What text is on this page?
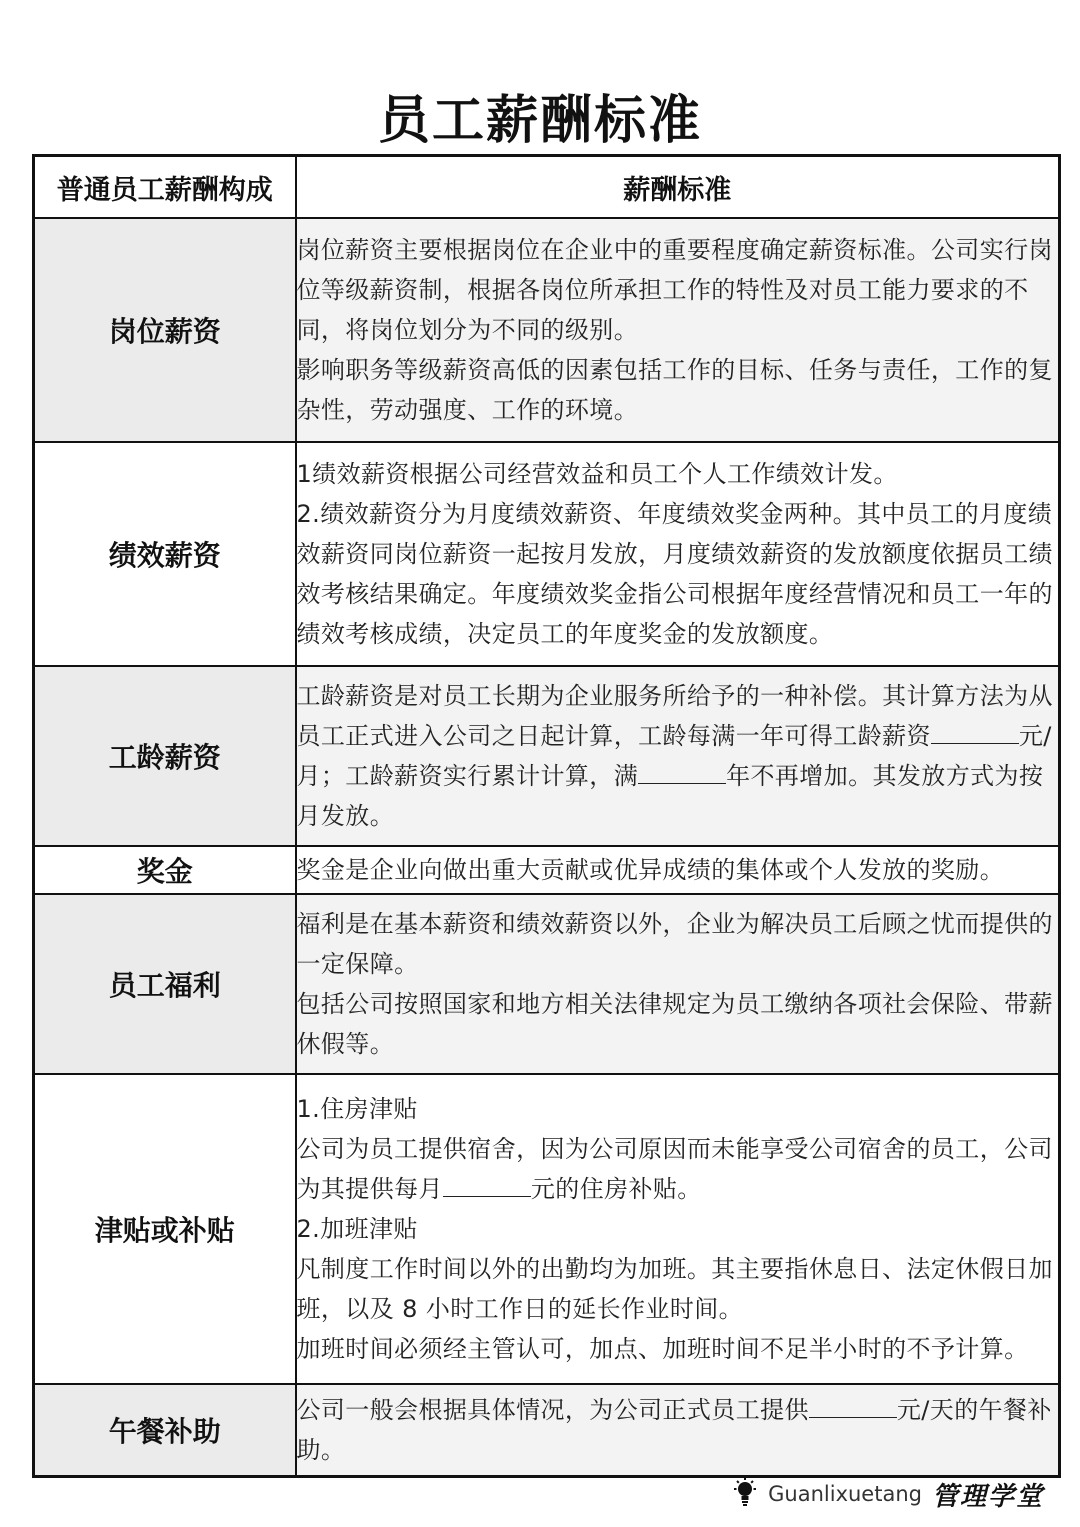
员工薪酬标准
普通员工薪酬构成	薪酬标准
岗位薪资	岗位薪资主要根据岗位在企业中的重要程度确定薪资标准。公司实行岗位等级薪资制，根据各岗位所承担工作的特性及对员工能力要求的不同，将岗位划分为不同的级别。

影响职务等级薪资高低的因素包括工作的目标、任务与责任，工作的复杂性，劳动强度、工作的环境。

绩效薪资	1绩效薪资根据公司经营效益和员工个人工作绩效计发。

2.绩效薪资分为月度绩效薪资、年度绩效奖金两种。其中员工的月度绩效薪资同岗位薪资一起按月发放，月度绩效薪资的发放额度依据员工绩效考核结果确定。年度绩效奖金指公司根据年度经营情况和员工一年的绩效考核成绩，决定员工的年度奖金的发放额度。

工龄薪资	工龄薪资是对员工长期为企业服务所给予的一种补偿。其计算方法为从员工正式进入公司之日起计算，工龄每满一年可得工龄薪资 元/月；工龄薪资实行累计计算，满 年不再增加。其发放方式为按月发放。

奖金	奖金是企业向做出重大贡献或优异成绩的集体或个人发放的奖励。

员工福利	福利是在基本薪资和绩效薪资以外，企业为解决员工后顾之忧而提供的一定保障。

包括公司按照国家和地方相关法律规定为员工缴纳各项社会保险、带薪休假等。

津贴或补贴	1.住房津贴

公司为员工提供宿舍，因为公司原因而未能享受公司宿舍的员工，公司为其提供每月 元的住房补贴。

2.加班津贴

凡制度工作时间以外的出勤均为加班。其主要指休息日、法定休假日加班，以及 8 小时工作日的延长作业时间。

加班时间必须经主管认可，加点、加班时间不足半小时的不予计算。

午餐补助	公司一般会根据具体情况，为公司正式员工提供 元/天的午餐补助。

Guanlixuetang 管理学堂
